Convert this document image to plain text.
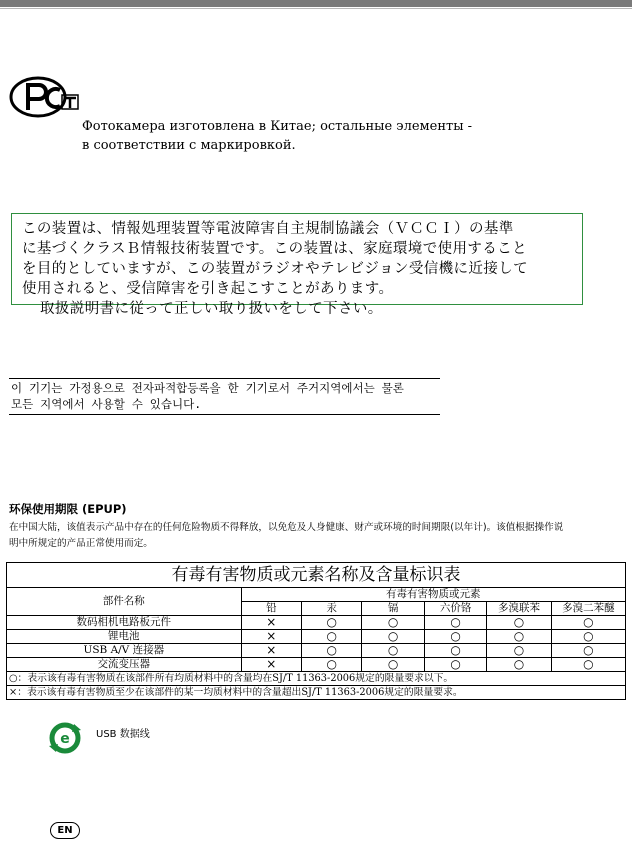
Фотокамера изготовлена в Китае; остальные элементы -
в соответствии с маркировкой.
この装置は、情報処理装置等電波障害自主規制協議会（ＶＣＣＩ）の基準
に基づくクラスＢ情報技術装置です。この装置は、家庭環境で使用すること
を目的としていますが、この装置がラジオやテレビジョン受信機に近接して
使用されると、受信障害を引き起こすことがあります。
取扱説明書に従って正しい取り扱いをして下さい。
이 기기는 가정용으로 전자파적합등록을 한 기기로서 주거지역에서는 물론
모든 지역에서 사용할 수 있습니다.
环保使用期限 (EPUP)
在中国大陆，该值表示产品中存在的任何危险物质不得释放，以免危及人身健康、财产或环境的时间期限(以年计)。该值根据操作说
明中所规定的产品正常使用而定。
有毒有害物质或元素名称及含量标识表						
部件名称	有毒有害物质或元素					
	铅	汞	镉	六价铬	多溴联苯	多溴二苯醚
数码相机电路板元件	×	○	○	○	○	○
锂电池	×	○	○	○	○	○
USB A/V 连接器	×	○	○	○	○	○
交流变压器	×	○	○	○	○	○
○：表示该有毒有害物质在该部件所有均质材料中的含量均在SJ/T 11363-2006规定的限量要求以下。						
×：表示该有毒有害物质至少在该部件的某一均质材料中的含量超出SJ/T 11363-2006规定的限量要求。						
e	USB 数据线
EN
